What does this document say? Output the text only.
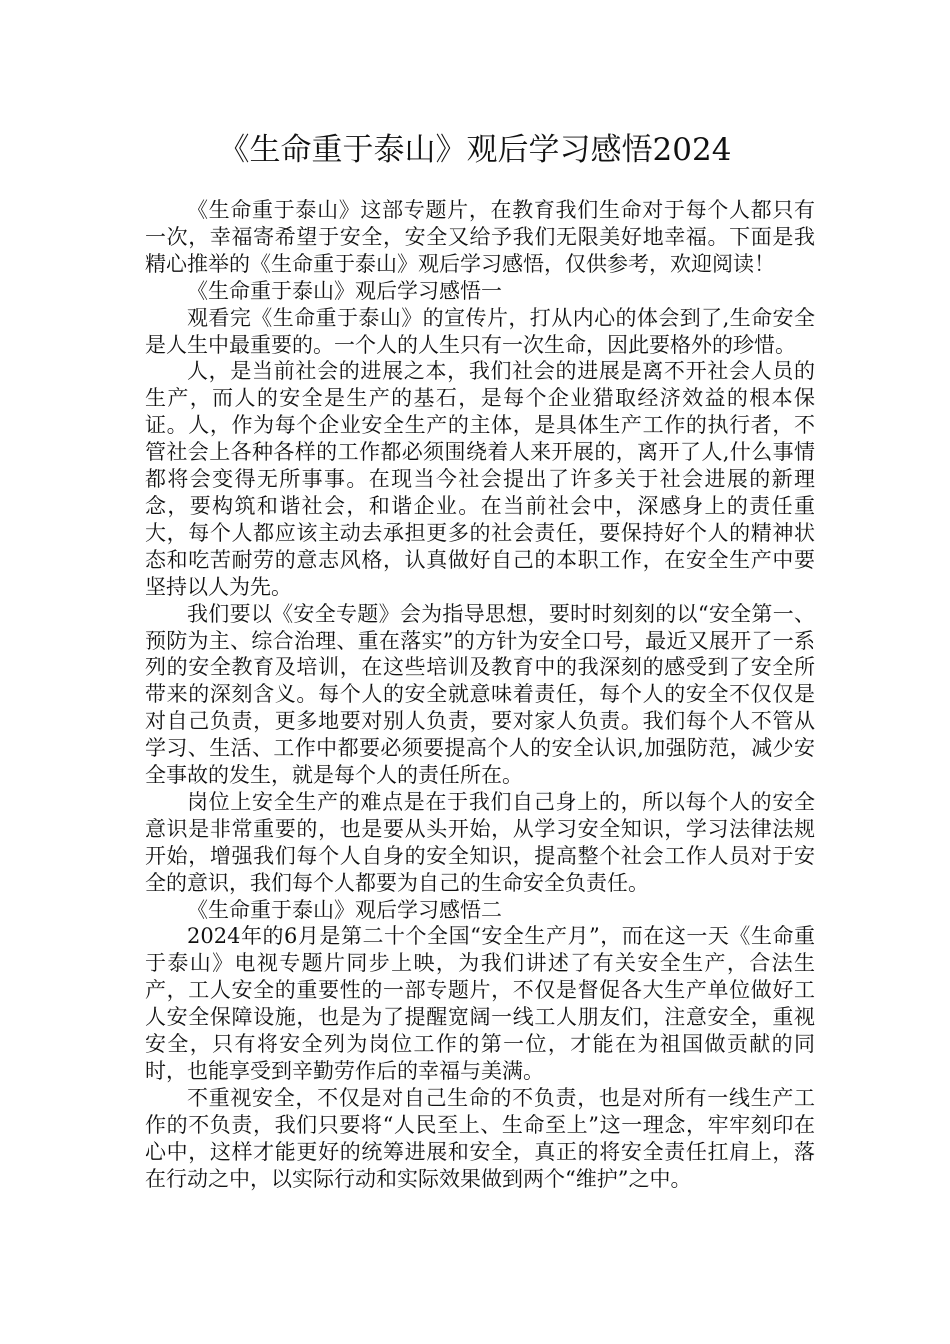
《生命重于泰山》观后学习感悟2024

《生命重于泰山》这部专题片，在教育我们生命对于每个人都只有一次，幸福寄希望于安全，安全又给予我们无限美好地幸福。下面是我精心推举的《生命重于泰山》观后学习感悟，仅供参考，欢迎阅读！

《生命重于泰山》观后学习感悟一

观看完《生命重于泰山》的宣传片，打从内心的体会到了,生命安全是人生中最重要的。一个人的人生只有一次生命，因此要格外的珍惜。

人，是当前社会的进展之本，我们社会的进展是离不开社会人员的生产，而人的安全是生产的基石，是每个企业猎取经济效益的根本保证。人，作为每个企业安全生产的主体，是具体生产工作的执行者，不管社会上各种各样的工作都必须围绕着人来开展的，离开了人,什么事情都将会变得无所事事。在现当今社会提出了许多关于社会进展的新理念，要构筑和谐社会，和谐企业。在当前社会中，深感身上的责任重大，每个人都应该主动去承担更多的社会责任，要保持好个人的精神状态和吃苦耐劳的意志风格，认真做好自己的本职工作，在安全生产中要坚持以人为先。

我们要以《安全专题》会为指导思想，要时时刻刻的以“安全第一、预防为主、综合治理、重在落实”的方针为安全口号，最近又展开了一系列的安全教育及培训，在这些培训及教育中的我深刻的感受到了安全所带来的深刻含义。每个人的安全就意味着责任，每个人的安全不仅仅是对自己负责，更多地要对别人负责，要对家人负责。我们每个人不管从学习、生活、工作中都要必须要提高个人的安全认识,加强防范，减少安全事故的发生，就是每个人的责任所在。

岗位上安全生产的难点是在于我们自己身上的，所以每个人的安全意识是非常重要的，也是要从头开始，从学习安全知识，学习法律法规开始，增强我们每个人自身的安全知识，提高整个社会工作人员对于安全的意识，我们每个人都要为自己的生命安全负责任。

《生命重于泰山》观后学习感悟二

2024年的6月是第二十个全国“安全生产月”，而在这一天《生命重于泰山》电视专题片同步上映，为我们讲述了有关安全生产，合法生产，工人安全的重要性的一部专题片，不仅是督促各大生产单位做好工人安全保障设施，也是为了提醒宽阔一线工人朋友们，注意安全，重视安全，只有将安全列为岗位工作的第一位，才能在为祖国做贡献的同时，也能享受到辛勤劳作后的幸福与美满。

不重视安全，不仅是对自己生命的不负责，也是对所有一线生产工作的不负责，我们只要将“人民至上、生命至上”这一理念，牢牢刻印在心中，这样才能更好的统筹进展和安全，真正的将安全责任扛肩上，落在行动之中，以实际行动和实际效果做到两个“维护”之中。
